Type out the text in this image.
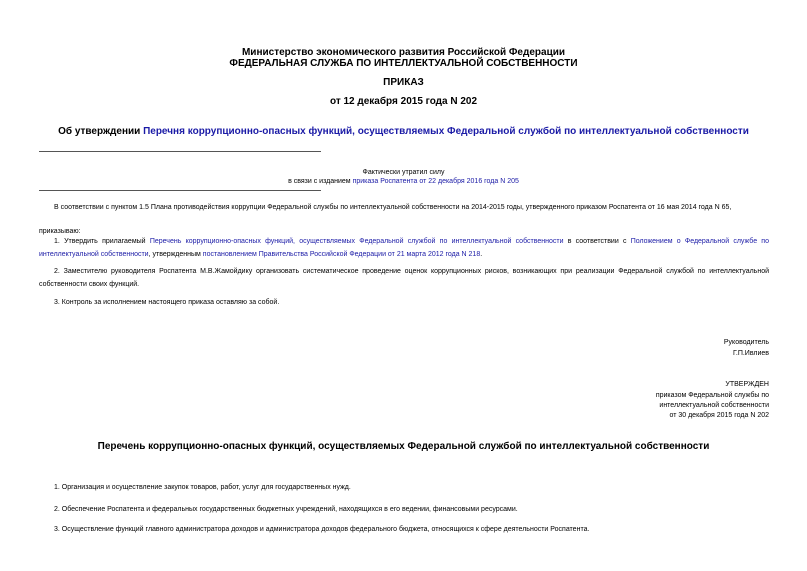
Министерство экономического развития Российской Федерации
ФЕДЕРАЛЬНАЯ СЛУЖБА ПО ИНТЕЛЛЕКТУАЛЬНОЙ СОБСТВЕННОСТИ
ПРИКАЗ
от 12 декабря 2015 года N 202
Об утверждении Перечня коррупционно-опасных функций, осуществляемых Федеральной службой по интеллектуальной собственности
Фактически утратил силу
в связи с изданием приказа Роспатента от 22 декабря 2016 года N 205
В соответствии с пунктом 1.5 Плана противодействия коррупции Федеральной службы по интеллектуальной собственности на 2014-2015 годы, утвержденного приказом Роспатента от 16 мая 2014 года N 65,
приказываю:
1. Утвердить прилагаемый Перечень коррупционно-опасных функций, осуществляемых Федеральной службой по интеллектуальной собственности в соответствии с Положением о Федеральной службе по интеллектуальной собственности, утвержденным постановлением Правительства Российской Федерации от 21 марта 2012 года N 218.
2. Заместителю руководителя Роспатента М.В.Жамойдику организовать систематическое проведение оценок коррупционных рисков, возникающих при реализации Федеральной службой по интеллектуальной собственности своих функций.
3. Контроль за исполнением настоящего приказа оставляю за собой.
Руководитель
Г.П.Ивлиев
УТВЕРЖДЕН
приказом Федеральной службы по
интеллектуальной собственности
от 30 декабря 2015 года N 202
Перечень коррупционно-опасных функций, осуществляемых Федеральной службой по интеллектуальной собственности
1. Организация и осуществление закупок товаров, работ, услуг для государственных нужд.
2. Обеспечение Роспатента и федеральных государственных бюджетных учреждений, находящихся в его ведении, финансовыми ресурсами.
3. Осуществление функций главного администратора доходов и администратора доходов федерального бюджета, относящихся к сфере деятельности Роспатента.
